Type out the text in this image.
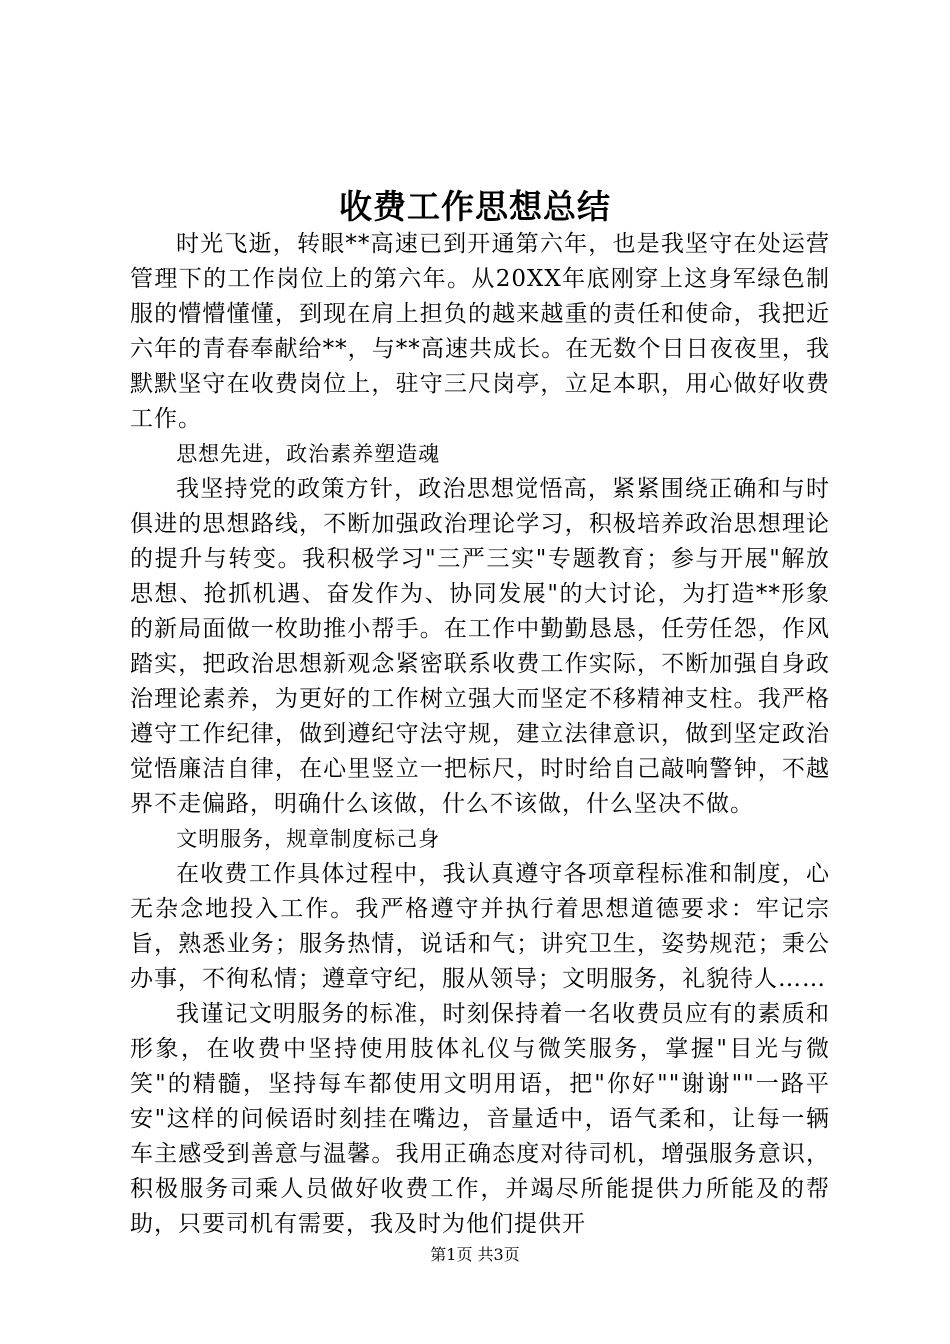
收费工作思想总结

时光飞逝，转眼**高速已到开通第六年，也是我坚守在处运营管理下的工作岗位上的第六年。从20XX年底刚穿上这身军绿色制服的懵懵懂懂，到现在肩上担负的越来越重的责任和使命，我把近六年的青春奉献给**，与**高速共成长。在无数个日日夜夜里，我默默坚守在收费岗位上，驻守三尺岗亭，立足本职，用心做好收费工作。

思想先进，政治素养塑造魂

我坚持党的政策方针，政治思想觉悟高，紧紧围绕正确和与时俱进的思想路线，不断加强政治理论学习，积极培养政治思想理论的提升与转变。我积极学习"三严三实"专题教育；参与开展"解放思想、抢抓机遇、奋发作为、协同发展"的大讨论，为打造**形象的新局面做一枚助推小帮手。在工作中勤勤恳恳，任劳任怨，作风踏实，把政治思想新观念紧密联系收费工作实际，不断加强自身政治理论素养，为更好的工作树立强大而坚定不移精神支柱。我严格遵守工作纪律，做到遵纪守法守规，建立法律意识，做到坚定政治觉悟廉洁自律，在心里竖立一把标尺，时时给自己敲响警钟，不越界不走偏路，明确什么该做，什么不该做，什么坚决不做。

文明服务，规章制度标己身

在收费工作具体过程中，我认真遵守各项章程标准和制度，心无杂念地投入工作。我严格遵守并执行着思想道德要求：牢记宗旨，熟悉业务；服务热情，说话和气；讲究卫生，姿势规范；秉公办事，不徇私情；遵章守纪，服从领导；文明服务，礼貌待人……

我谨记文明服务的标准，时刻保持着一名收费员应有的素质和形象，在收费中坚持使用肢体礼仪与微笑服务，掌握"目光与微笑"的精髓，坚持每车都使用文明用语，把"你好""谢谢""一路平安"这样的问候语时刻挂在嘴边，音量适中，语气柔和，让每一辆车主感受到善意与温馨。我用正确态度对待司机，增强服务意识，积极服务司乘人员做好收费工作，并竭尽所能提供力所能及的帮助，只要司机有需要，我及时为他们提供开

第1页 共3页
